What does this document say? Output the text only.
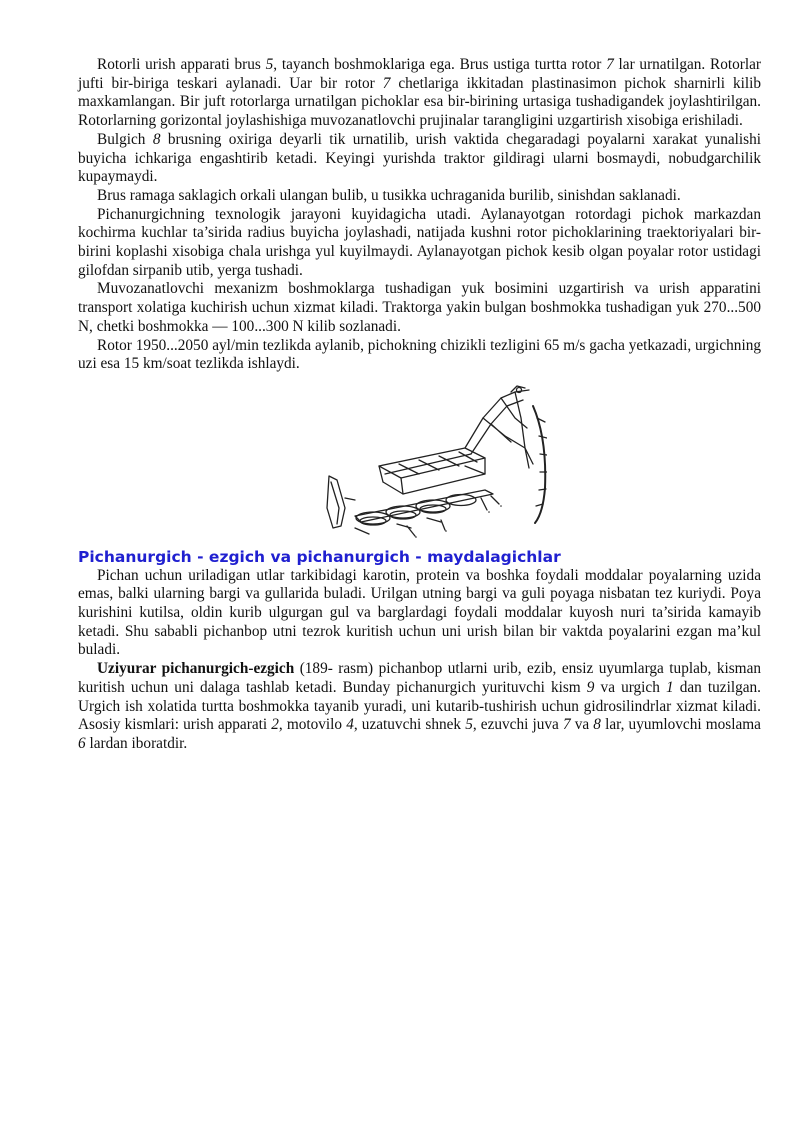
Rotorli urish apparati brus 5, tayanch boshmoklariga ega. Brus ustiga turtta rotor 7 lar urnatilgan. Rotorlar jufti bir-biriga teskari aylanadi. Uar bir rotor 7 chetlariga ikkitadan plastinasimon pichok sharnirli kilib maxkamlangan. Bir juft rotorlarga urnatilgan pichoklar esa bir-birining urtasiga tushadigandek joylashtirilgan. Rotorlarning gorizontal joylashishiga muvozanatlovchi prujinalar tarangligini uzgartirish xisobiga erishiladi.

Bulgich 8 brusning oxiriga deyarli tik urnatilib, urish vaktida chegaradagi poyalarni xarakat yunalishi buyicha ichkariga engashtirib ketadi. Keyingi yurishda traktor gildiragi ularni bosmaydi, nobudgarchilik kupaymaydi.

Brus ramaga saklagich orkali ulangan bulib, u tusikka uchraganida burilib, sinishdan saklanadi.

Pichanurgichning texnologik jarayoni kuyidagicha utadi. Aylanayotgan rotordagi pichok markazdan kochirma kuchlar ta’sirida radius buyicha joylashadi, natijada kushni rotor pichoklarining traektoriyalari bir-birini koplashi xisobiga chala urishga yul kuyilmaydi. Aylanayotgan pichok kesib olgan poyalar rotor ustidagi gilofdan sirpanib utib, yerga tushadi.

Muvozanatlovchi mexanizm boshmoklarga tushadigan yuk bosimini uzgartirish va urish apparatini transport xolatiga kuchirish uchun xizmat kiladi. Traktorga yakin bulgan boshmokka tushadigan yuk 270...500 N, chetki boshmokka — 100...300 N kilib sozlanadi.

Rotor 1950...2050 ayl/min tezlikda aylanib, pichokning chizikli tezligini 65 m/s gacha yetkazadi, urgichning uzi esa 15 km/soat tezlikda ishlaydi.

Pichanurgich - ezgich va pichanurgich - maydalagichlar

Pichan uchun uriladigan utlar tarkibidagi karotin, protein va boshka foydali moddalar poyalarning uzida emas, balki ularning bargi va gullarida buladi. Urilgan utning bargi va guli poyaga nisbatan tez kuriydi. Poya kurishini kutilsa, oldin kurib ulgurgan gul va barglardagi foydali moddalar kuyosh nuri ta’sirida kamayib ketadi. Shu sababli pichanbop utni tezrok kuritish uchun uni urish bilan bir vaktda poyalarini ezgan ma’kul buladi.

Uziyurar pichanurgich-ezgich (189- rasm) pichanbop utlarni urib, ezib, ensiz uyumlarga tuplab, kisman kuritish uchun uni dalaga tashlab ketadi. Bunday pichanurgich yurituvchi kism 9 va urgich 1 dan tuzilgan. Urgich ish xolatida turtta boshmokka tayanib yuradi, uni kutarib-tushirish uchun gidrosilindrlar xizmat kiladi. Asosiy kismlari: urish apparati 2, motovilo 4, uzatuvchi shnek 5, ezuvchi juva 7 va 8 lar, uyumlovchi moslama 6 lardan iboratdir.
